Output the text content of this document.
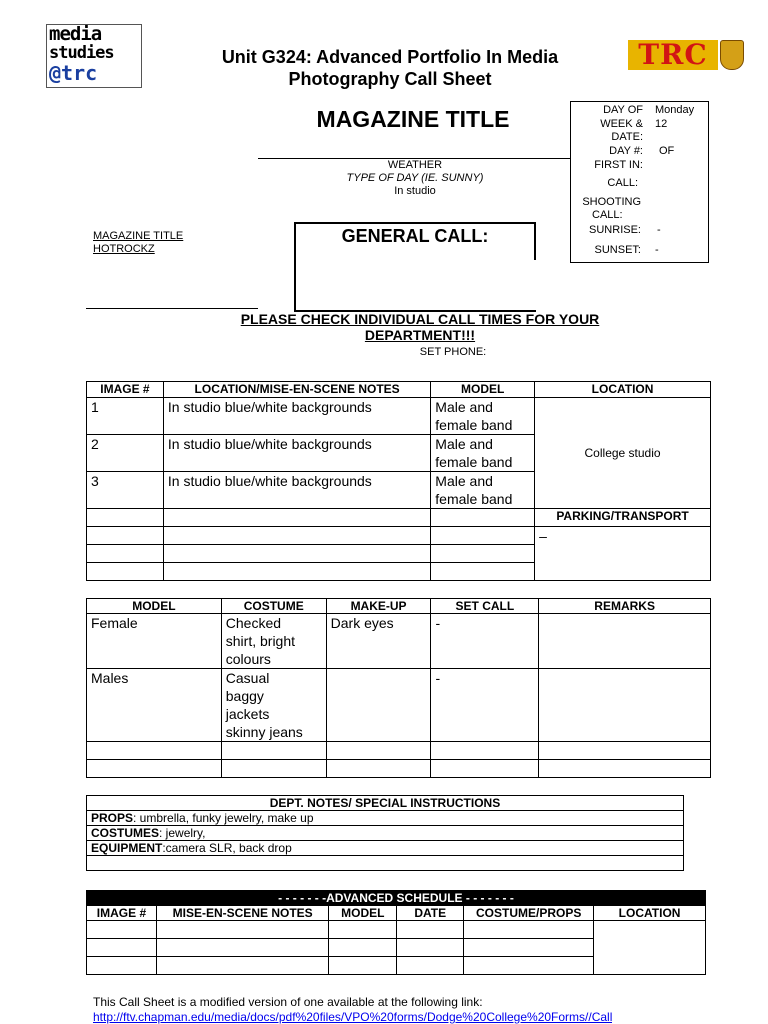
media
studies
@trc
Unit G324: Advanced Portfolio In Media
Photography Call Sheet
TRC
MAGAZINE TITLE
WEATHER
TYPE OF DAY (IE. SUNNY)
In studio
DAY OF Monday
WEEK & 12
DATE:
DAY #: OF
FIRST IN:
CALL:
SHOOTING
CALL:
SUNRISE: -
SUNSET: -
MAGAZINE TITLE
HOTROCKZ
GENERAL CALL:
PLEASE CHECK INDIVIDUAL CALL TIMES FOR YOUR
DEPARTMENT!!!
SET PHONE:
IMAGE #	LOCATION/MISE-EN-SCENE NOTES	MODEL	LOCATION
1	In studio blue/white backgrounds	Male and
female band	College studio
2	In studio blue/white backgrounds	Male and
female band	

3	In studio blue/white backgrounds	Male and
female band	

			PARKING/TRANSPORT
			–

MODEL	COSTUME	MAKE-UP	SET CALL	REMARKS
Female	Checked
shirt, bright
colours	Dark eyes	-	
Males	Casual
baggy
jackets
skinny jeans		-	

DEPT. NOTES/ SPECIAL INSTRUCTIONS
PROPS: umbrella, funky jewelry, make up
COSTUMES: jewelry,
EQUIPMENT:camera SLR, back drop

- - - - - - -ADVANCED SCHEDULE - - - - - - -					
IMAGE #	MISE-EN-SCENE NOTES	MODEL	DATE	COSTUME/PROPS	LOCATION

This Call Sheet is a modified version of one available at the following link:
http://ftv.chapman.edu/media/docs/pdf%20files/VPO%20forms/Dodge%20College%20Forms//Call
